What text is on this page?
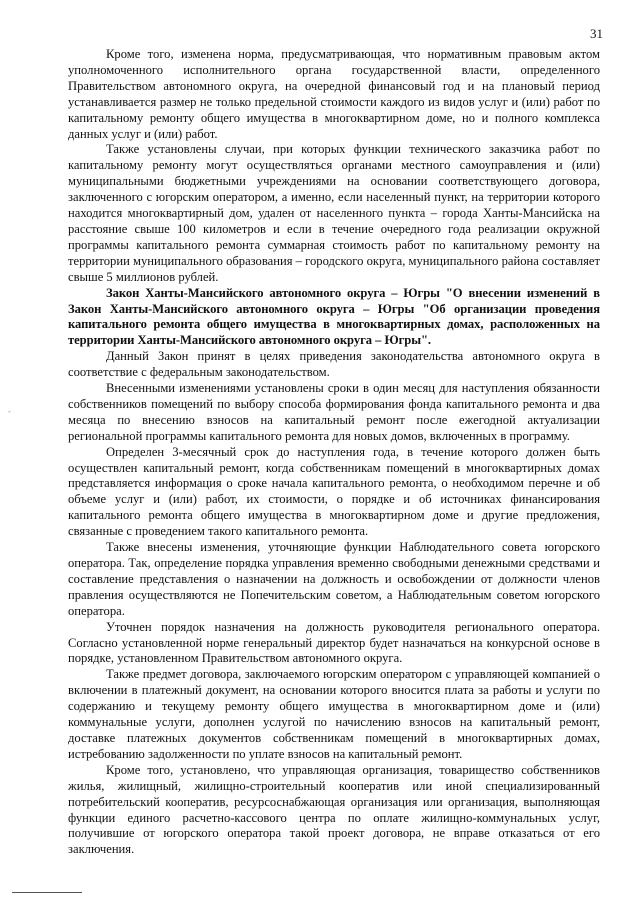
31
-

Кроме того, изменена норма, предусматривающая, что нормативным правовым актом уполномоченного исполнительного органа государственной власти, определенного Правительством автономного округа, на очередной финансовый год и на плановый период устанавливается размер не только предельной стоимости каждого из видов услуг и (или) работ по капитальному ремонту общего имущества в многоквартирном доме, но и полного комплекса данных услуг и (или) работ.

Также установлены случаи, при которых функции технического заказчика работ по капитальному ремонту могут осуществляться органами местного самоуправления и (или) муниципальными бюджетными учреждениями на основании соответствующего договора, заключенного с югорским оператором, а именно, если населенный пункт, на территории которого находится многоквартирный дом, удален от населенного пункта – города Ханты-Мансийска на расстояние свыше 100 километров и если в течение очередного года реализации окружной программы капитального ремонта суммарная стоимость работ по капитальному ремонту на территории муниципального образования – городского округа, муниципального района составляет свыше 5 миллионов рублей.

Закон Ханты-Мансийского автономного округа – Югры "О внесении изменений в Закон Ханты-Мансийского автономного округа – Югры "Об организации проведения капитального ремонта общего имущества в многоквартирных домах, расположенных на территории Ханты-Мансийского автономного округа – Югры".

Данный Закон принят в целях приведения законодательства автономного округа в соответствие с федеральным законодательством.

Внесенными изменениями установлены сроки в один месяц для наступления обязанности собственников помещений по выбору способа формирования фонда капитального ремонта и два месяца по внесению взносов на капитальный ремонт после ежегодной актуализации региональной программы капитального ремонта для новых домов, включенных в программу.

Определен 3-месячный срок до наступления года, в течение которого должен быть осуществлен капитальный ремонт, когда собственникам помещений в многоквартирных домах представляется информация о сроке начала капитального ремонта, о необходимом перечне и об объеме услуг и (или) работ, их стоимости, о порядке и об источниках финансирования капитального ремонта общего имущества в многоквартирном доме и другие предложения, связанные с проведением такого капитального ремонта.

Также внесены изменения, уточняющие функции Наблюдательного совета югорского оператора. Так, определение порядка управления временно свободными денежными средствами и составление представления о назначении на должность и освобождении от должности членов правления осуществляются не Попечительским советом, а Наблюдательным советом югорского оператора.

Уточнен порядок назначения на должность руководителя регионального оператора. Согласно установленной норме генеральный директор будет назначаться на конкурсной основе в порядке, установленном Правительством автономного округа.

Также предмет договора, заключаемого югорским оператором с управляющей компанией о включении в платежный документ, на основании которого вносится плата за работы и услуги по содержанию и текущему ремонту общего имущества в многоквартирном доме и (или) коммунальные услуги, дополнен услугой по начислению взносов на капитальный ремонт, доставке платежных документов собственникам помещений в многоквартирных домах, истребованию задолженности по уплате взносов на капитальный ремонт.

Кроме того, установлено, что управляющая организация, товарищество собственников жилья, жилищный, жилищно-строительный кооператив или иной специализированный потребительский кооператив, ресурсоснабжающая организация или организация, выполняющая функции единого расчетно-кассового центра по оплате жилищно-коммунальных услуг, получившие от югорского оператора такой проект договора, не вправе отказаться от его заключения.
